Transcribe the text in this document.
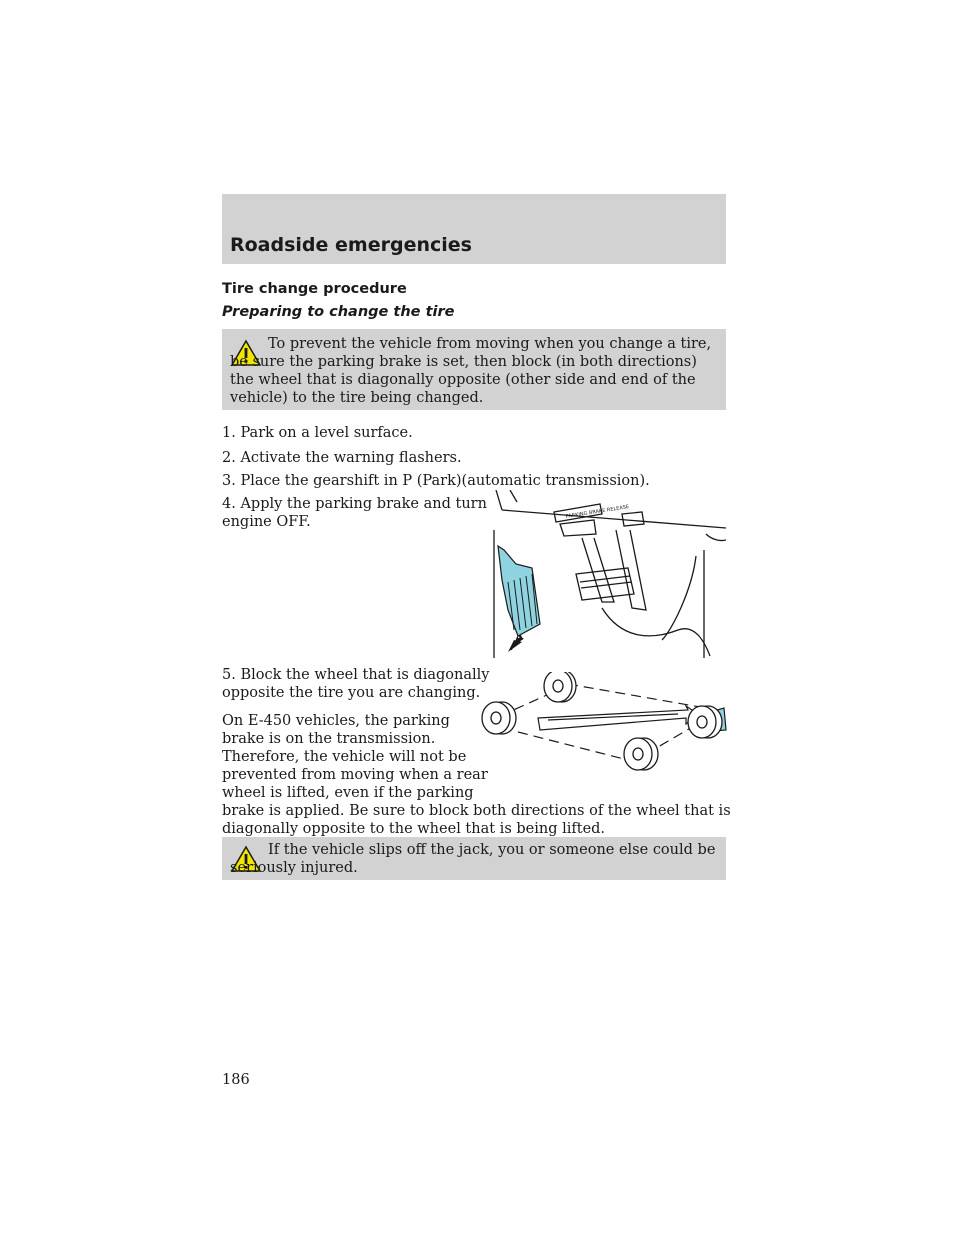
Roadside emergencies
Tire change procedure
Preparing to change the tire

To prevent the vehicle from moving when you change a tire, be sure the parking brake is set, then block (in both directions) the wheel that is diagonally opposite (other side and end of the vehicle) to the tire being changed.

1. Park on a level surface.
2. Activate the warning flashers.
3. Place the gearshift in P (Park)(automatic transmission).
4. Apply the parking brake and turn
engine OFF.
PARKING BRAKE RELEASE
5. Block the wheel that is diagonally
opposite the tire you are changing.
On E-450 vehicles, the parking
brake is on the transmission.
Therefore, the vehicle will not be
prevented from moving when a rear
wheel is lifted, even if the parking
brake is applied. Be sure to block both directions of the wheel that is
diagonally opposite to the wheel that is being lifted.

If the vehicle slips off the jack, you or someone else could be seriously injured.

186
